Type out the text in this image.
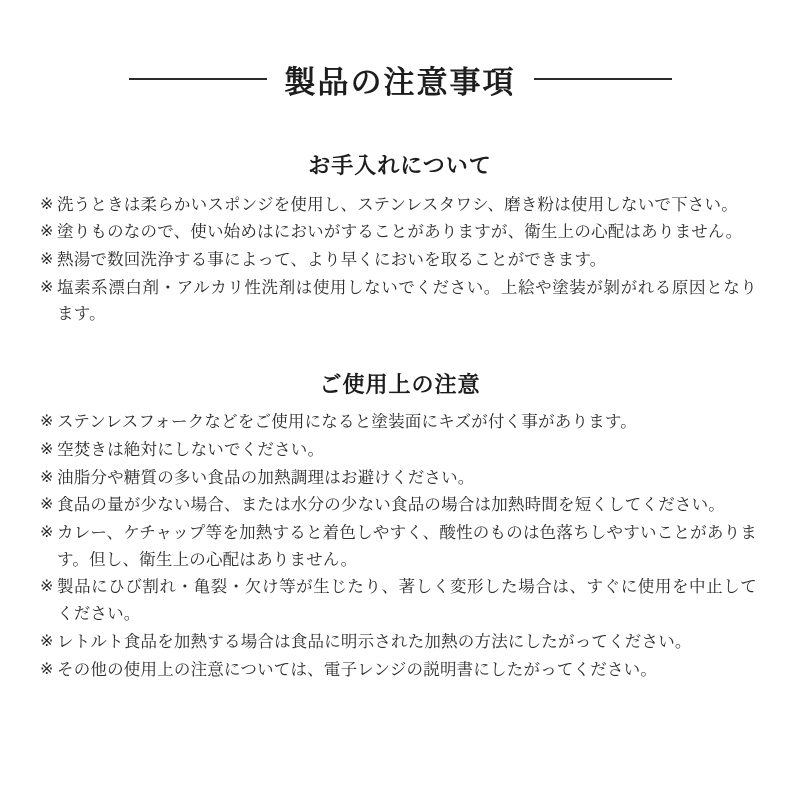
製品の注意事項
お手入れについて
※ 洗うときは柔らかいスポンジを使用し、ステンレスタワシ、磨き粉は使用しないで下さい。
※ 塗りものなので、使い始めはにおいがすることがありますが、衛生上の心配はありません。
※ 熱湯で数回洗浄する事によって、より早くにおいを取ることができます。
※ 塩素系漂白剤・アルカリ性洗剤は使用しないでください。上絵や塗装が剝がれる原因となります。
ご使用上の注意
※ ステンレスフォークなどをご使用になると塗装面にキズが付く事があります。
※ 空焚きは絶対にしないでください。
※ 油脂分や糖質の多い食品の加熱調理はお避けください。
※ 食品の量が少ない場合、または水分の少ない食品の場合は加熱時間を短くしてください。
※ カレー、ケチャップ等を加熱すると着色しやすく、酸性のものは色落ちしやすいことがあります。但し、衛生上の心配はありません。
※ 製品にひび割れ・亀裂・欠け等が生じたり、著しく変形した場合は、すぐに使用を中止してください。
※ レトルト食品を加熱する場合は食品に明示された加熱の方法にしたがってください。
※ その他の使用上の注意については、電子レンジの説明書にしたがってください。
